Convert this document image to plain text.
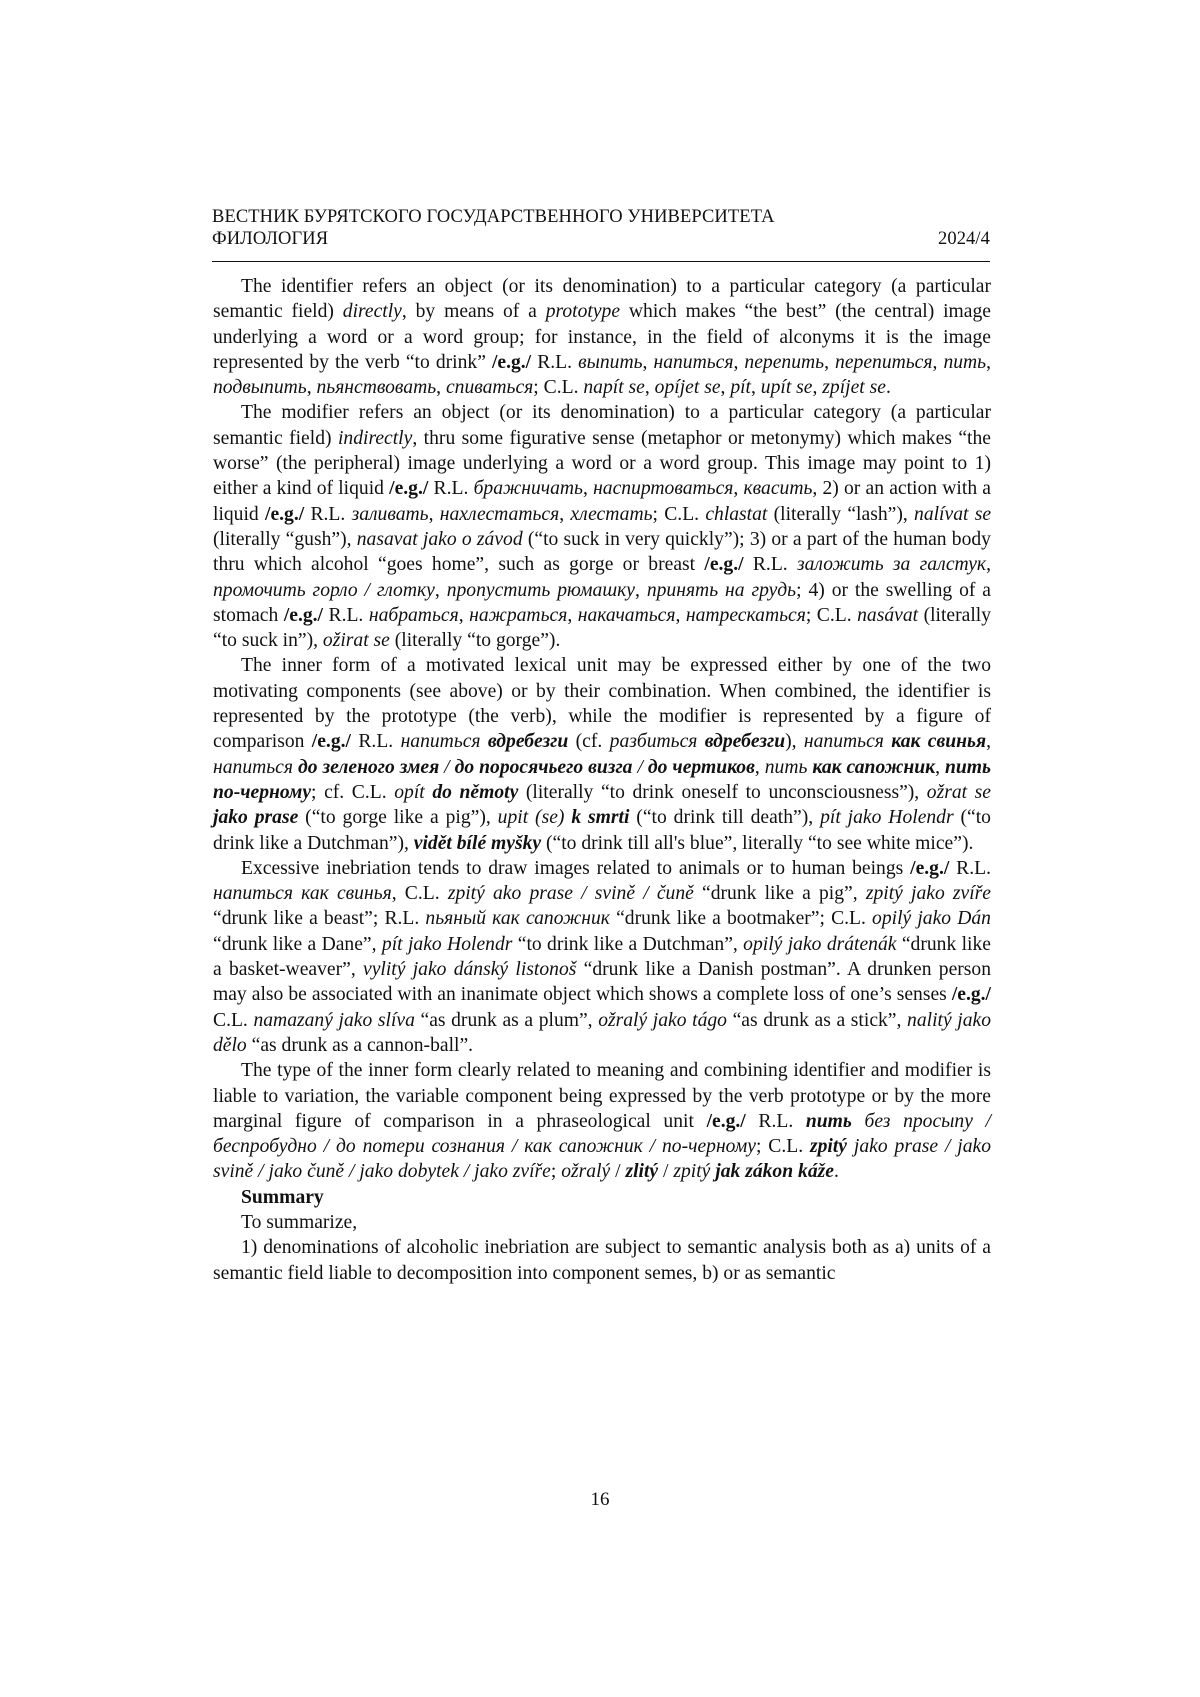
ВЕСТНИК БУРЯТСКОГО ГОСУДАРСТВЕННОГО УНИВЕРСИТЕТА
ФИЛОЛОГИЯ	2024/4

The identifier refers an object (or its denomination) to a particular category (a particular semantic field) directly, by means of a prototype which makes “the best” (the central) image underlying a word or a word group; for instance, in the field of alconyms it is the image represented by the verb “to drink” /e.g./ R.L. выпить, напиться, перепить, перепиться, пить, подвыпить, пьянствовать, спиваться; C.L. napít se, opíjet se, pít, upít se, zpíjet se.

The modifier refers an object (or its denomination) to a particular category (a particular semantic field) indirectly, thru some figurative sense (metaphor or metonymy) which makes “the worse” (the peripheral) image underlying a word or a word group. This image may point to 1) either a kind of liquid /e.g./ R.L. бражничать, наспиртоваться, квасить, 2) or an action with a liquid /e.g./ R.L. заливать, нахлестаться, хлестать; C.L. chlastat (literally “lash”), nalívat se (literally “gush”), nasavat jako o závod (“to suck in very quickly”); 3) or a part of the human body thru which alcohol “goes home”, such as gorge or breast /e.g./ R.L. заложить за галстук, промочить горло / глотку, пропустить рюмашку, принять на грудь; 4) or the swelling of a stomach /e.g./ R.L. набраться, нажраться, накачаться, натрескаться; C.L. nasávat (literally “to suck in”), ožirat se (literally “to gorge”).

The inner form of a motivated lexical unit may be expressed either by one of the two motivating components (see above) or by their combination. When combined, the identifier is represented by the prototype (the verb), while the modifier is represented by a figure of comparison /e.g./ R.L. напиться вдребезги (cf. разбиться вдребезги), напиться как свинья, напиться до зеленого змея / до поросячьего визга / до чертиков, пить как сапожник, пить по-черному; cf. C.L. opít do němoty (literally “to drink oneself to unconsciousness”), ožrat se jako prase (“to gorge like a pig”), upit (se) k smrti (“to drink till death”), pít jako Holendr (“to drink like a Dutchman”), vidět bílé myšky (“to drink till all's blue”, literally “to see white mice”).

Excessive inebriation tends to draw images related to animals or to human beings /e.g./ R.L. напиться как свинья, C.L. zpitý ako prase / svině / čuně “drunk like a pig”, zpitý jako zvíře “drunk like a beast”; R.L. пьяный как сапожник “drunk like a bootmaker”; C.L. opilý jako Dán “drunk like a Dane”, pít jako Holendr “to drink like a Dutchman”, opilý jako drátenák “drunk like a basket-weaver”, vylitý jako dánský listonoš “drunk like a Danish postman”. A drunken person may also be associated with an inanimate object which shows a complete loss of one’s senses /e.g./ C.L. namazaný jako slíva “as drunk as a plum”, ožralý jako tágo “as drunk as a stick”, nalitý jako dělo “as drunk as a cannon-ball”.

The type of the inner form clearly related to meaning and combining identifier and modifier is liable to variation, the variable component being expressed by the verb prototype or by the more marginal figure of comparison in a phraseological unit /e.g./ R.L. пить без просыпу / беспробудно / до потери сознания / как сапожник / по-черному; C.L. zpitý jako prase / jako svině / jako čuně / jako dobytek / jako zvíře; ožralý / zlitý / zpitý jak zákon káže.

Summary

To summarize,

1) denominations of alcoholic inebriation are subject to semantic analysis both as a) units of a semantic field liable to decomposition into component semes, b) or as semantic

16
